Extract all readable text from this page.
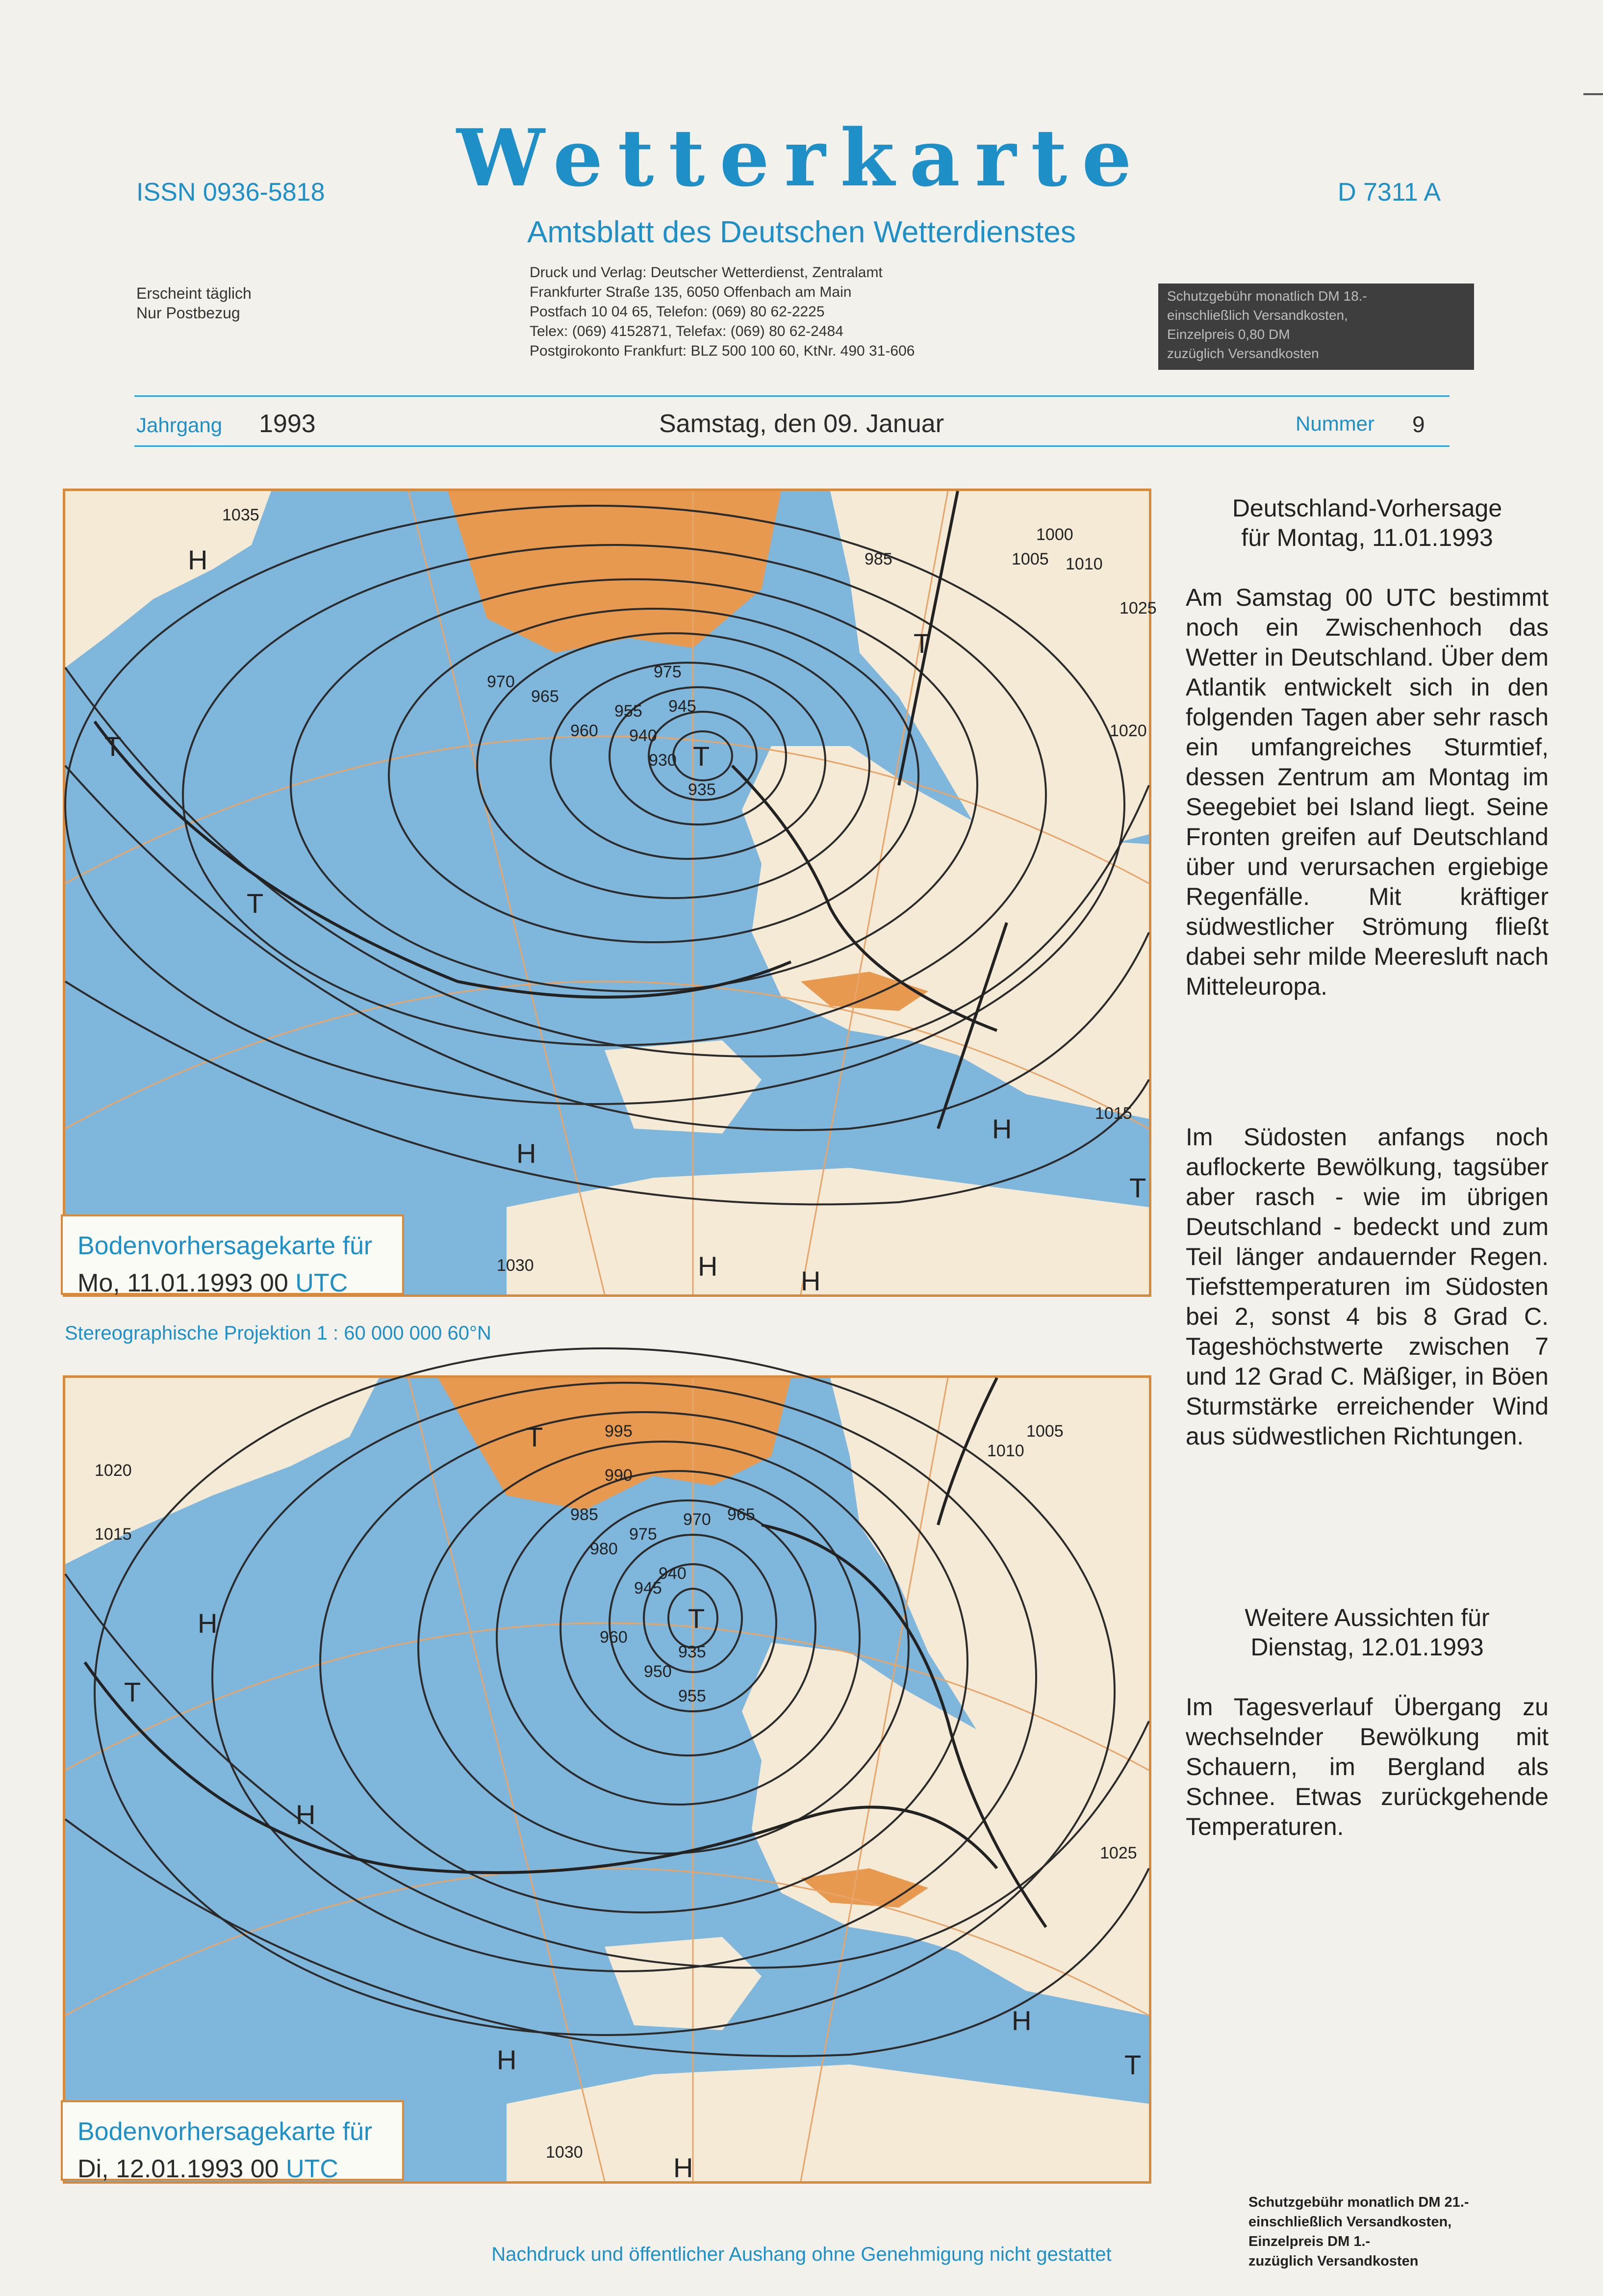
ISSN 0936-5818	Wetterkarte	D 7311 A
Amtsblatt des Deutschen Wetterdienstes
Erscheint täglich
Nur Postbezug
Druck und Verlag: Deutscher Wetterdienst, Zentralamt
Frankfurter Straße 135, 6050 Offenbach am Main
Postfach 10 04 65, Telefon: (069) 80 62-2225
Telex: (069) 4152871, Telefax: (069) 80 62-2484
Postgirokonto Frankfurt: BLZ 500 100 60, KtNr. 490 31-606
Schutzgebühr monatlich DM 18.-
einschließlich Versandkosten,
Einzelpreis 0,80 DM
zuzüglich Versandkosten
Jahrgang 1993	Samstag, den 09. Januar	Nummer 9
970
965
960
955 945
940
935
930
975
985
1000
1005 1010
1015
1020
1025
1030
1035
H
T
T
T
T
H
H
H	H
T
Bodenvorhersagekarte für
Mo, 11.01.1993 00 UTC
Stereographische Projektion 1 : 60 000 000 60°N
995
990
985
980
975
970 965
960
945
940
935
950
955
1005
1010
1015
1020
1025
1030
T
H	T
H
T
H
H
T
H
Bodenvorhersagekarte für
Di, 12.01.1993 00 UTC
Deutschland-Vorhersage
für Montag, 11.01.1993
Am Samstag 00 UTC bestimmt noch ein Zwischenhoch das Wetter in Deutschland. Über dem Atlantik entwickelt sich in den folgenden Tagen aber sehr rasch ein umfangreiches Sturmtief, dessen Zentrum am Montag im Seegebiet bei Island liegt. Seine Fronten greifen auf Deutschland über und verursachen ergiebige Regenfälle. Mit kräftiger südwestlicher Strömung fließt dabei sehr milde Meeresluft nach Mitteleuropa.
Im Südosten anfangs noch auflockerte Bewölkung, tagsüber aber rasch - wie im übrigen Deutschland - bedeckt und zum Teil länger andauernder Regen. Tiefsttemperaturen im Südosten bei 2, sonst 4 bis 8 Grad C. Tageshöchstwerte zwischen 7 und 12 Grad C. Mäßiger, in Böen Sturmstärke erreichender Wind aus südwestlichen Richtungen.
Weitere Aussichten für
Dienstag, 12.01.1993
Im Tagesverlauf Übergang zu wechselnder Bewölkung mit Schauern, im Bergland als Schnee. Etwas zurückgehende Temperaturen.
Schutzgebühr monatlich DM 21.-
einschließlich Versandkosten,
Einzelpreis DM 1.-
zuzüglich Versandkosten
Nachdruck und öffentlicher Aushang ohne Genehmigung nicht gestattet
